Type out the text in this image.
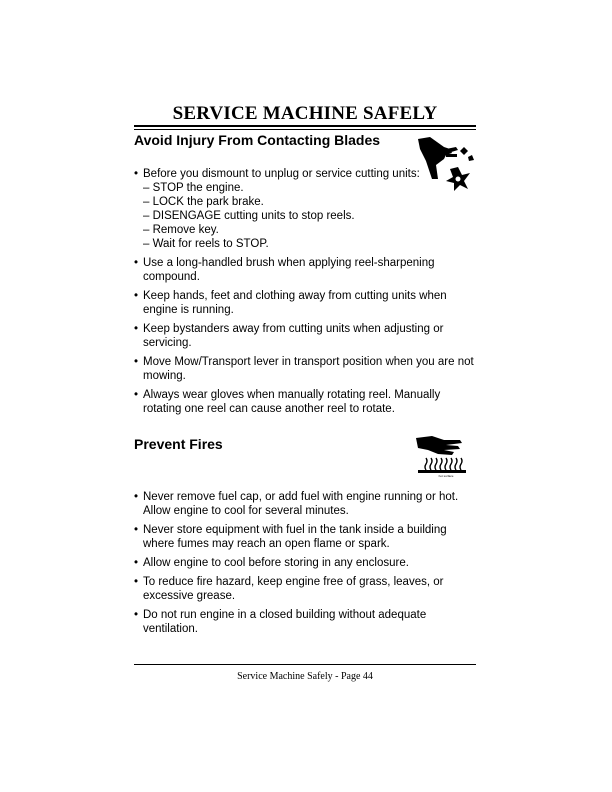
SERVICE MACHINE SAFELY
Avoid Injury From Contacting Blades
• Before you dismount to unplug or service cutting units:
– STOP the engine.
– LOCK the park brake.
– DISENGAGE cutting units to stop reels.
– Remove key.
– Wait for reels to STOP.
• Use a long-handled brush when applying reel-sharpening compound.
• Keep hands, feet and clothing away from cutting units when engine is running.
• Keep bystanders away from cutting units when adjusting or servicing.
• Move Mow/Transport lever in transport position when you are not mowing.
• Always wear gloves when manually rotating reel. Manually rotating one reel can cause another reel to rotate.
Prevent Fires
hot surface
• Never remove fuel cap, or add fuel with engine running or hot. Allow engine to cool for several minutes.
• Never store equipment with fuel in the tank inside a building where fumes may reach an open flame or spark.
• Allow engine to cool before storing in any enclosure.
• To reduce fire hazard, keep engine free of grass, leaves, or excessive grease.
• Do not run engine in a closed building without adequate ventilation.
Service Machine Safely - Page 44
